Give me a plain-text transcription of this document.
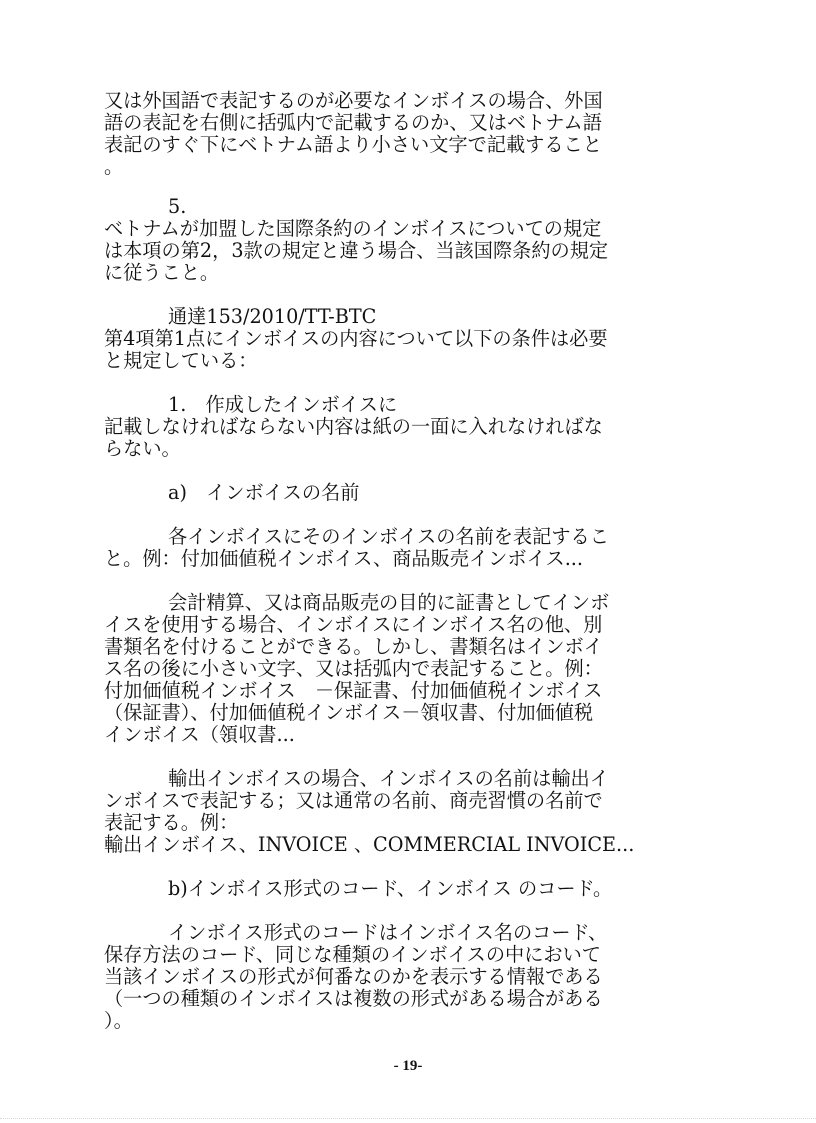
又は外国語で表記するのが必要なインボイスの場合、外国
語の表記を右側に括弧内で記載するのか、又はベトナム語
表記のすぐ下にベトナム語より小さい文字で記載すること
。
5.
ベトナムが加盟した国際条約のインボイスについての規定
は本項の第2，3款の規定と違う場合、当該国際条約の規定
に従うこと。
通達153/2010/TT-BTC
第4項第1点にインボイスの内容について以下の条件は必要
と規定している：
1.　作成したインボイスに
記載しなければならない内容は紙の一面に入れなければな
らない。
a)　インボイスの名前
各インボイスにそのインボイスの名前を表記するこ
と。例：付加価値税インボイス、商品販売インボイス...
会計精算、又は商品販売の目的に証書としてインボ
イスを使用する場合、インボイスにインボイス名の他、別
書類名を付けることができる。しかし、書類名はインボイ
ス名の後に小さい文字、又は括弧内で表記すること。例：
付加価値税インボイス　－保証書、付加価値税インボイス
（保証書）、付加価値税インボイス－領収書、付加価値税
インボイス（領収書...
輸出インボイスの場合、インボイスの名前は輸出イ
ンボイスで表記する；又は通常の名前、商売習慣の名前で
表記する。例：
輸出インボイス、INVOICE 、COMMERCIAL INVOICE...
b)インボイス形式のコード、インボイス のコード。
インボイス形式のコードはインボイス名のコード、
保存方法のコード、同じな種類のインボイスの中において
当該インボイスの形式が何番なのかを表示する情報である
（一つの種類のインボイスは複数の形式がある場合がある
）。
- 19-
